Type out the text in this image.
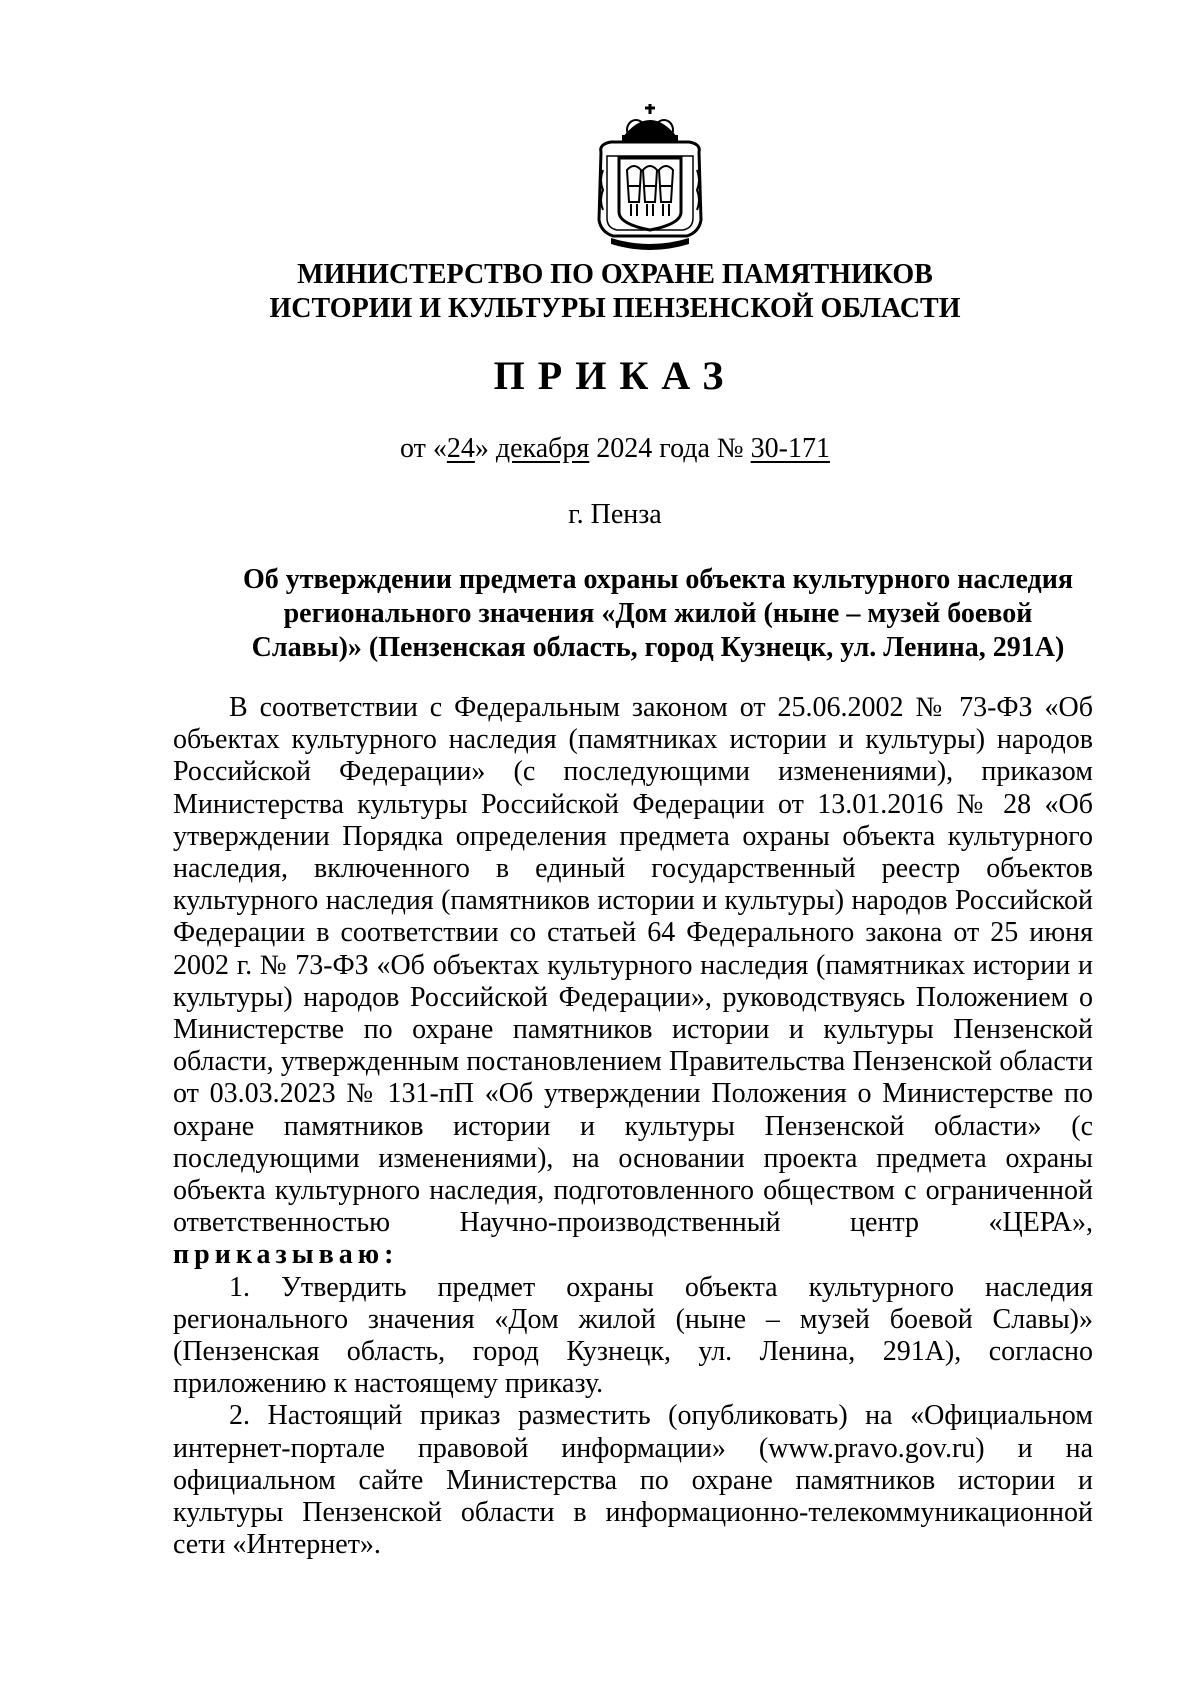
МИНИСТЕРСТВО ПО ОХРАНЕ ПАМЯТНИКОВ
ИСТОРИИ И КУЛЬТУРЫ ПЕНЗЕНСКОЙ ОБЛАСТИ
ПРИКАЗ
от «24» декабря 2024 года № 30-171
г. Пенза
Об утверждении предмета охраны объекта культурного наследия регионального значения «Дом жилой (ныне – музей боевой Славы)» (Пензенская область, город Кузнецк, ул. Ленина, 291А)

В соответствии с Федеральным законом от 25.06.2002 № 73-ФЗ «Об объектах культурного наследия (памятниках истории и культуры) народов Российской Федерации» (с последующими изменениями), приказом Министерства культуры Российской Федерации от 13.01.2016 № 28 «Об утверждении Порядка определения предмета охраны объекта культурного наследия, включенного в единый государственный реестр объектов культурного наследия (памятников истории и культуры) народов Российской Федерации в соответствии со статьей 64 Федерального закона от 25 июня 2002 г. № 73-ФЗ «Об объектах культурного наследия (памятниках истории и культуры) народов Российской Федерации», руководствуясь Положением о Министерстве по охране памятников истории и культуры Пензенской области, утвержденным постановлением Правительства Пензенской области от 03.03.2023 № 131-пП «Об утверждении Положения о Министерстве по охране памятников истории и культуры Пензенской области» (с последующими изменениями), на основании проекта предмета охраны объекта культурного наследия, подготовленного обществом с ограниченной ответственностью Научно-производственный центр «ЦЕРА», приказываю:

1. Утвердить предмет охраны объекта культурного наследия регионального значения «Дом жилой (ныне – музей боевой Славы)» (Пензенская область, город Кузнецк, ул. Ленина, 291А), согласно приложению к настоящему приказу.

2. Настоящий приказ разместить (опубликовать) на «Официальном интернет-портале правовой информации» (www.pravo.gov.ru) и на официальном сайте Министерства по охране памятников истории и культуры Пензенской области в информационно-телекоммуникационной сети «Интернет».
